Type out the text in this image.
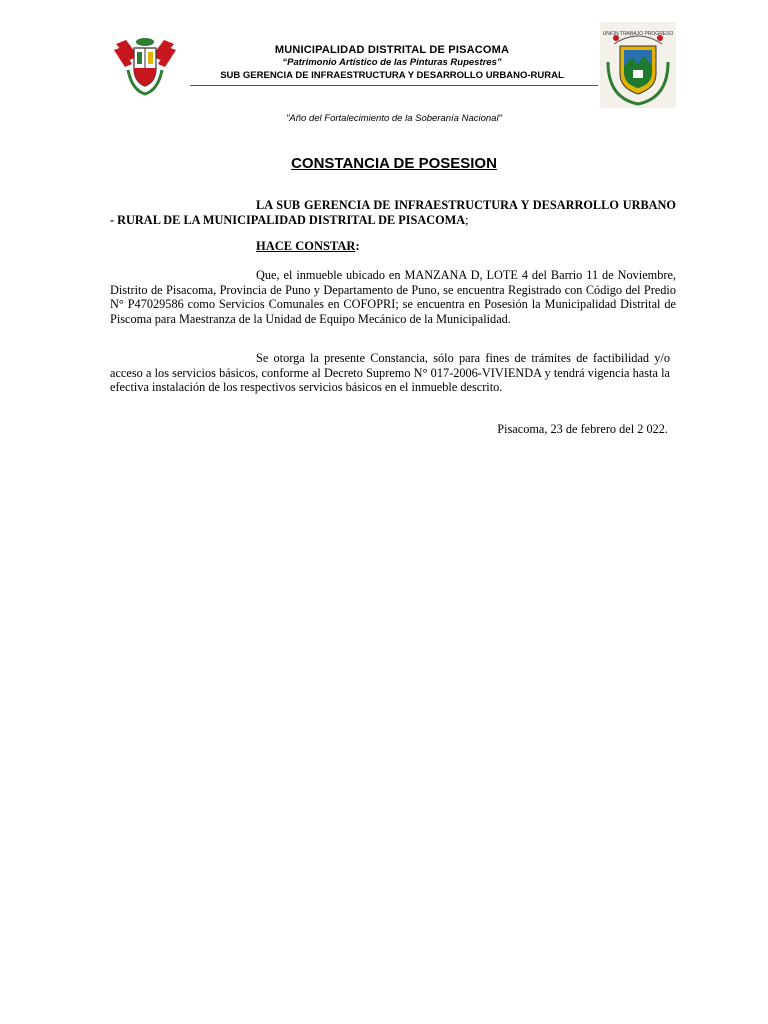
MUNICIPALIDAD DISTRITAL DE PISACOMA
“Patrimonio Artístico de las Pinturas Rupestres”
SUB GERENCIA DE INFRAESTRUCTURA Y DESARROLLO URBANO-RURAL
UNION TRABAJO PROGRESO
"Año del Fortalecimiento de la Soberanía Nacional"
CONSTANCIA DE POSESION
LA SUB GERENCIA DE INFRAESTRUCTURA Y DESARROLLO URBANO - RURAL DE LA MUNICIPALIDAD DISTRITAL DE PISACOMA;
HACE CONSTAR:
Que, el inmueble ubicado en MANZANA D, LOTE 4 del Barrio 11 de Noviembre, Distrito de Pisacoma, Provincia de Puno y Departamento de Puno, se encuentra Registrado con Código del Predio N° P47029586 como Servicios Comunales en COFOPRI; se encuentra en Posesión la Municipalidad Distrital de Piscoma para Maestranza de la Unidad de Equipo Mecánico de la Municipalidad.
Se otorga la presente Constancia, sólo para fines de trámites de factibilidad y/o acceso a los servicios básicos, conforme al Decreto Supremo N° 017-2006-VIVIENDA y tendrá vigencia hasta la efectiva instalación de los respectivos servicios básicos en el inmueble descrito.
Pisacoma, 23 de febrero del 2 022.
